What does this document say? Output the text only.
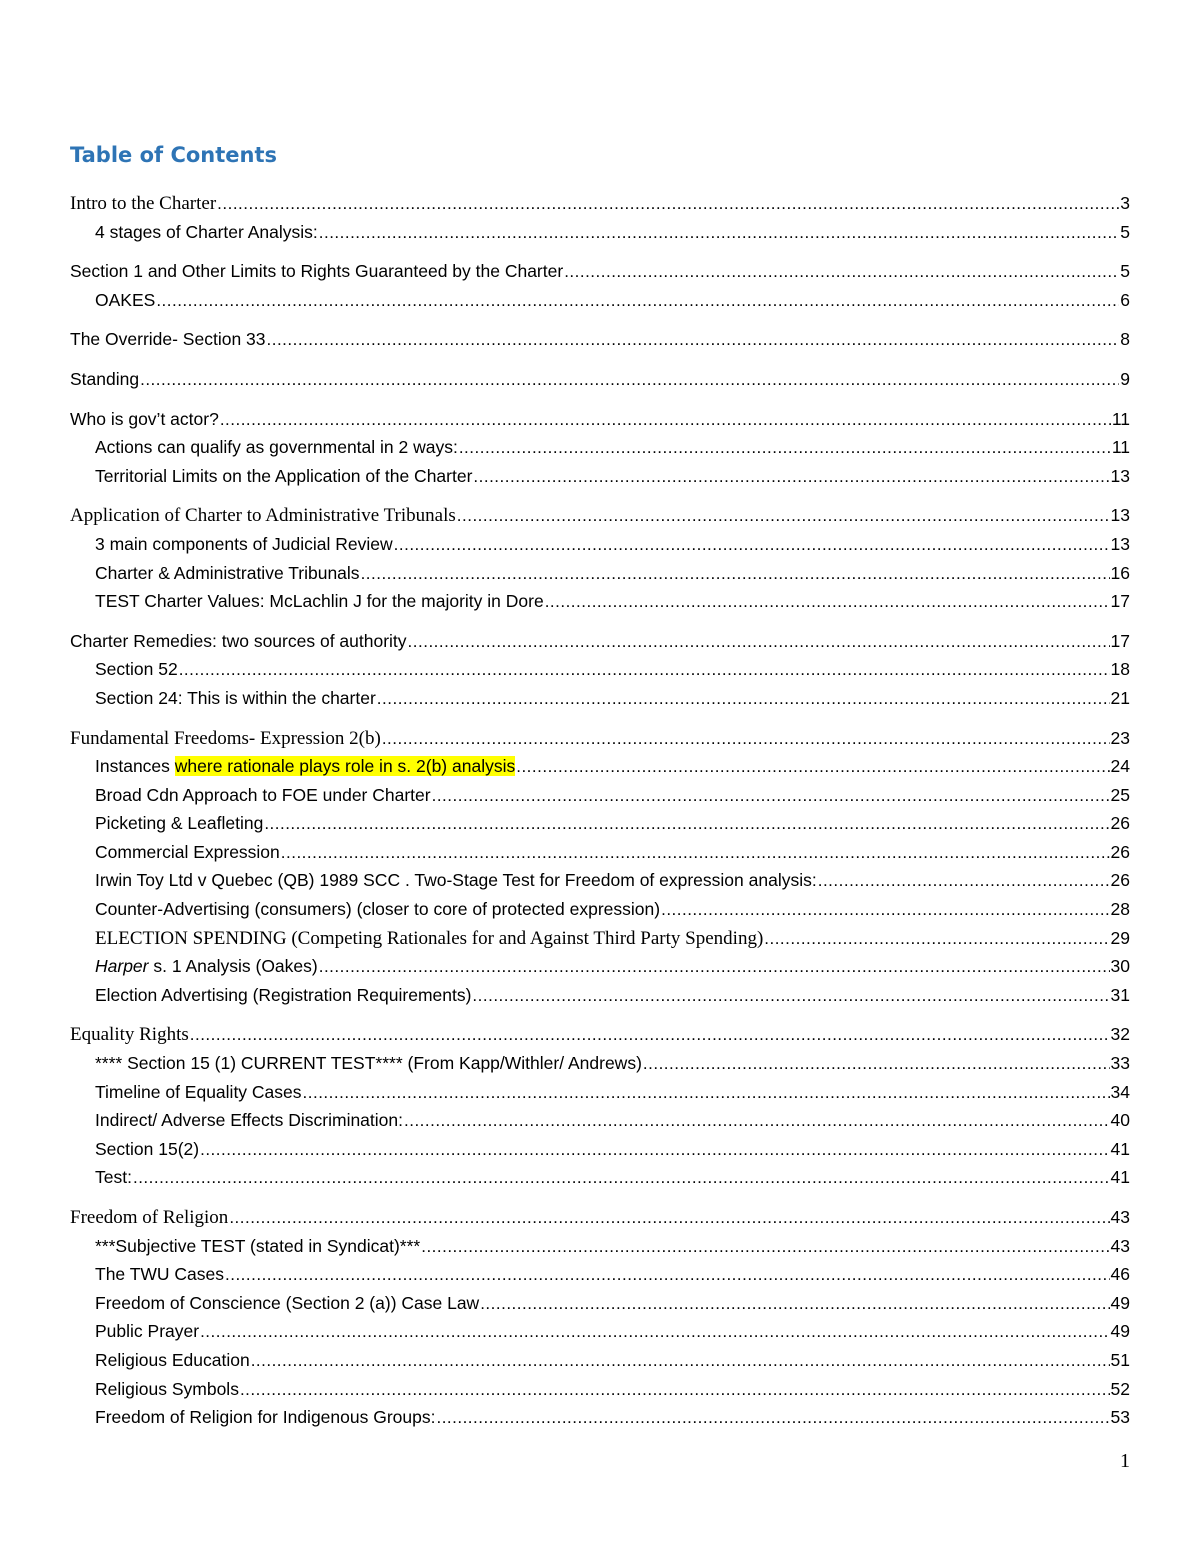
Table of Contents
Intro to the Charter .....	3
4 stages of Charter Analysis: .....	5
Section 1 and Other Limits to Rights Guaranteed by the Charter .....	5
OAKES .....	6
The Override- Section 33 .....	8
Standing .....	9
Who is gov’t actor? .....	11
Actions can qualify as governmental in 2 ways: .....	11
Territorial Limits on the Application of the Charter .....	13
Application of Charter to Administrative Tribunals .....	13
3 main components of Judicial Review .....	13
Charter & Administrative Tribunals .....	16
TEST Charter Values: McLachlin J for the majority in Dore .....	17
Charter Remedies: two sources of authority .....	17
Section 52 .....	18
Section 24: This is within the charter .....	21
Fundamental Freedoms- Expression 2(b) .....	23
Instances where rationale plays role in s. 2(b) analysis .....	24
Broad Cdn Approach to FOE under Charter .....	25
Picketing & Leafleting .....	26
Commercial Expression .....	26
Irwin Toy Ltd v Quebec (QB) 1989 SCC . Two-Stage Test for Freedom of expression analysis: .....	26
Counter-Advertising (consumers) (closer to core of protected expression) .....	28
ELECTION SPENDING (Competing Rationales for and Against Third Party Spending) .....	29
Harper s. 1 Analysis (Oakes) .....	30
Election Advertising (Registration Requirements) .....	31
Equality Rights .....	32
**** Section 15 (1) CURRENT TEST**** (From Kapp/Withler/ Andrews) .....	33
Timeline of Equality Cases .....	34
Indirect/ Adverse Effects Discrimination: .....	40
Section 15(2) .....	41
Test: .....	41
Freedom of Religion .....	43
***Subjective TEST (stated in Syndicat)*** .....	43
The TWU Cases .....	46
Freedom of Conscience (Section 2 (a)) Case Law .....	49
Public Prayer .....	49
Religious Education .....	51
Religious Symbols .....	52
Freedom of Religion for Indigenous Groups: .....	53
1
